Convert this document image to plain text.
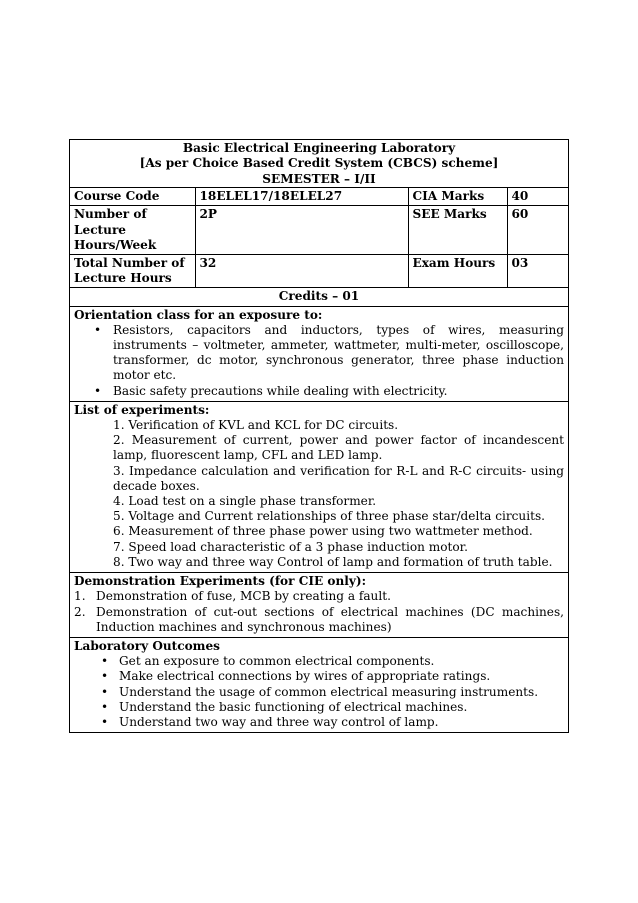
Basic Electrical Engineering Laboratory
[As per Choice Based Credit System (CBCS) scheme]
SEMESTER – I/II
Course Code	18ELEL17/18ELEL27	CIA Marks	40
Number of Lecture Hours/Week	2P	SEE Marks	60
Total Number of Lecture Hours	32	Exam Hours	03
Credits – 01
Orientation class for an exposure to:
• Resistors, capacitors and inductors, types of wires, measuring instruments – voltmeter, ammeter, wattmeter, multi-meter, oscilloscope, transformer, dc motor, synchronous generator, three phase induction motor etc.
• Basic safety precautions while dealing with electricity.
List of experiments:
1. Verification of KVL and KCL for DC circuits.
2. Measurement of current, power and power factor of incandescent lamp, fluorescent lamp, CFL and LED lamp.
3. Impedance calculation and verification for R-L and R-C circuits- using decade boxes.
4. Load test on a single phase transformer.
5. Voltage and Current relationships of three phase star/delta circuits.
6. Measurement of three phase power using two wattmeter method.
7. Speed load characteristic of a 3 phase induction motor.
8. Two way and three way Control of lamp and formation of truth table.
Demonstration Experiments (for CIE only):
1. Demonstration of fuse, MCB by creating a fault.
2. Demonstration of cut-out sections of electrical machines (DC machines, Induction machines and synchronous machines)
Laboratory Outcomes
• Get an exposure to common electrical components.
• Make electrical connections by wires of appropriate ratings.
• Understand the usage of common electrical measuring instruments.
• Understand the basic functioning of electrical machines.
• Understand two way and three way control of lamp.
